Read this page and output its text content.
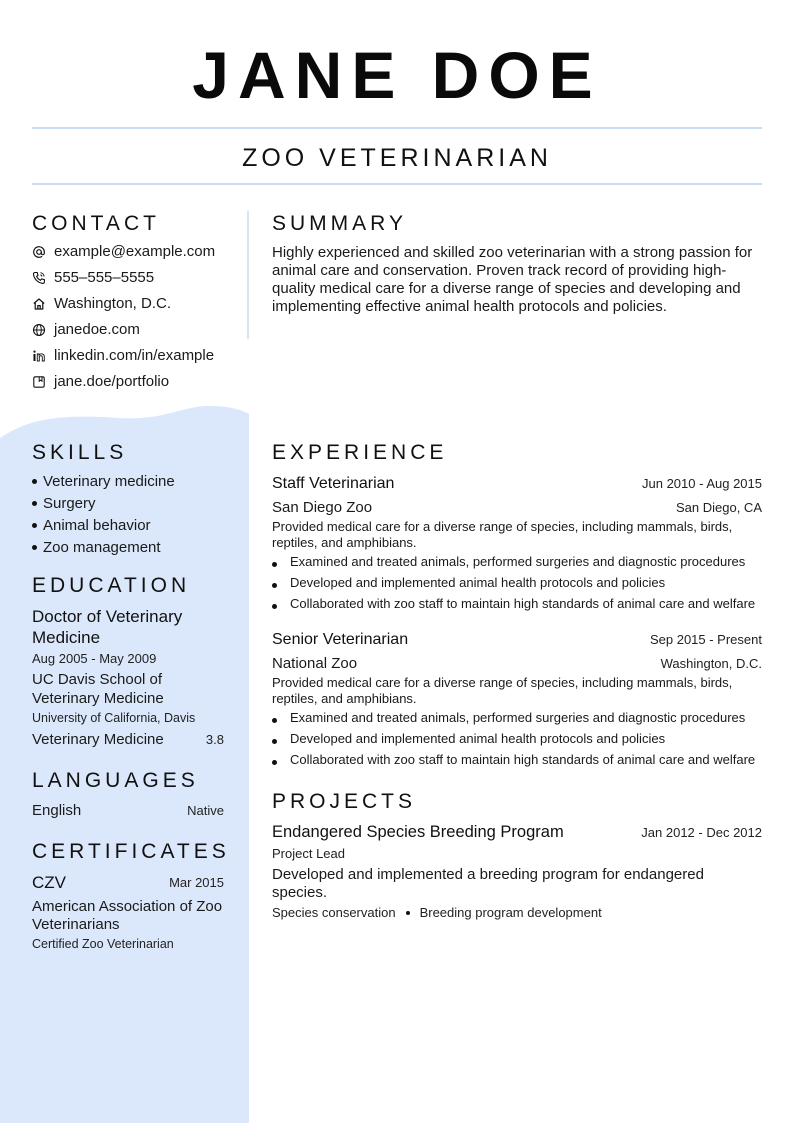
JANE DOE
ZOO VETERINARIAN
CONTACT
example@example.com
555–555–5555
Washington, D.C.
janedoe.com
linkedin.com/in/example
jane.doe/portfolio
SKILLS
Veterinary medicine
Surgery
Animal behavior
Zoo management
EDUCATION
Doctor of Veterinary
Medicine
Aug 2005 - May 2009
UC Davis School of
Veterinary Medicine
University of California, Davis
Veterinary Medicine	3.8
LANGUAGES
English	Native
CERTIFICATES
CZV	Mar 2015
American Association of Zoo
Veterinarians
Certified Zoo Veterinarian
SUMMARY
Highly experienced and skilled zoo veterinarian with a strong passion for animal care and conservation. Proven track record of providing high-quality medical care for a diverse range of species and developing and implementing effective animal health protocols and policies.
EXPERIENCE
Staff Veterinarian	Jun 2010 - Aug 2015
San Diego Zoo	San Diego, CA
Provided medical care for a diverse range of species, including mammals, birds, reptiles, and amphibians.
Examined and treated animals, performed surgeries and diagnostic procedures
Developed and implemented animal health protocols and policies
Collaborated with zoo staff to maintain high standards of animal care and welfare
Senior Veterinarian	Sep 2015 - Present
National Zoo	Washington, D.C.
Provided medical care for a diverse range of species, including mammals, birds, reptiles, and amphibians.
Examined and treated animals, performed surgeries and diagnostic procedures
Developed and implemented animal health protocols and policies
Collaborated with zoo staff to maintain high standards of animal care and welfare
PROJECTS
Endangered Species Breeding Program	Jan 2012 - Dec 2012
Project Lead
Developed and implemented a breeding program for endangered species.
Species conservation Breeding program development
